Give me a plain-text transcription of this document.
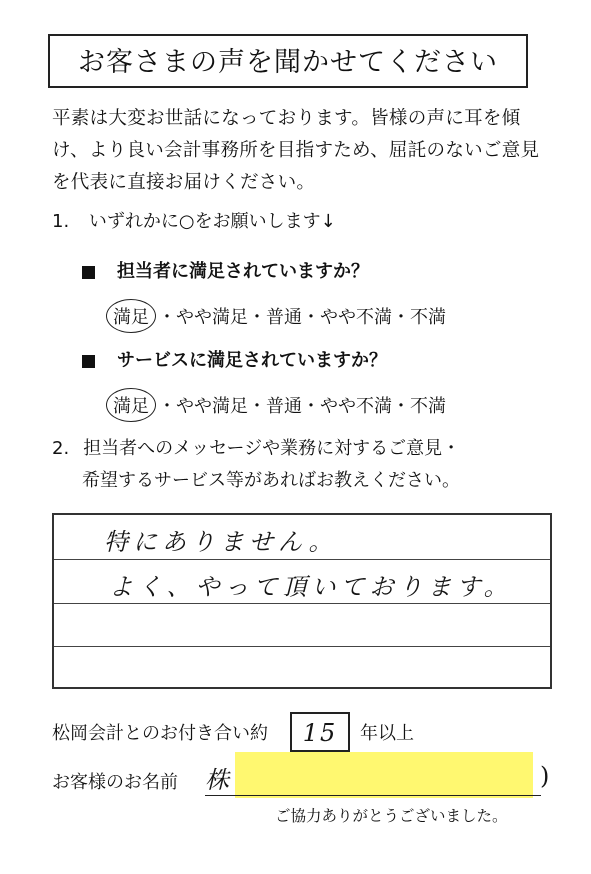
お客さまの声を聞かせてください
平素は大変お世話になっております。皆様の声に耳を傾け、より良い会計事務所を目指すため、屈託のないご意見を代表に直接お届けください。
1. いずれかに○をお願いします↓
担当者に満足されていますか？
満足 ・ やや満足 ・ 普通 ・ やや不満 ・ 不満
サービスに満足されていますか？
満足 ・ やや満足 ・ 普通 ・ やや不満 ・ 不満
2. 担当者へのメッセージや業務に対するご意見・
希望するサービス等があればお教えください。
特にありません。
よく、やって頂いております。
松岡会計とのお付き合い約	15	年以上
お客様のお名前 株	)
ご協力ありがとうございました。
